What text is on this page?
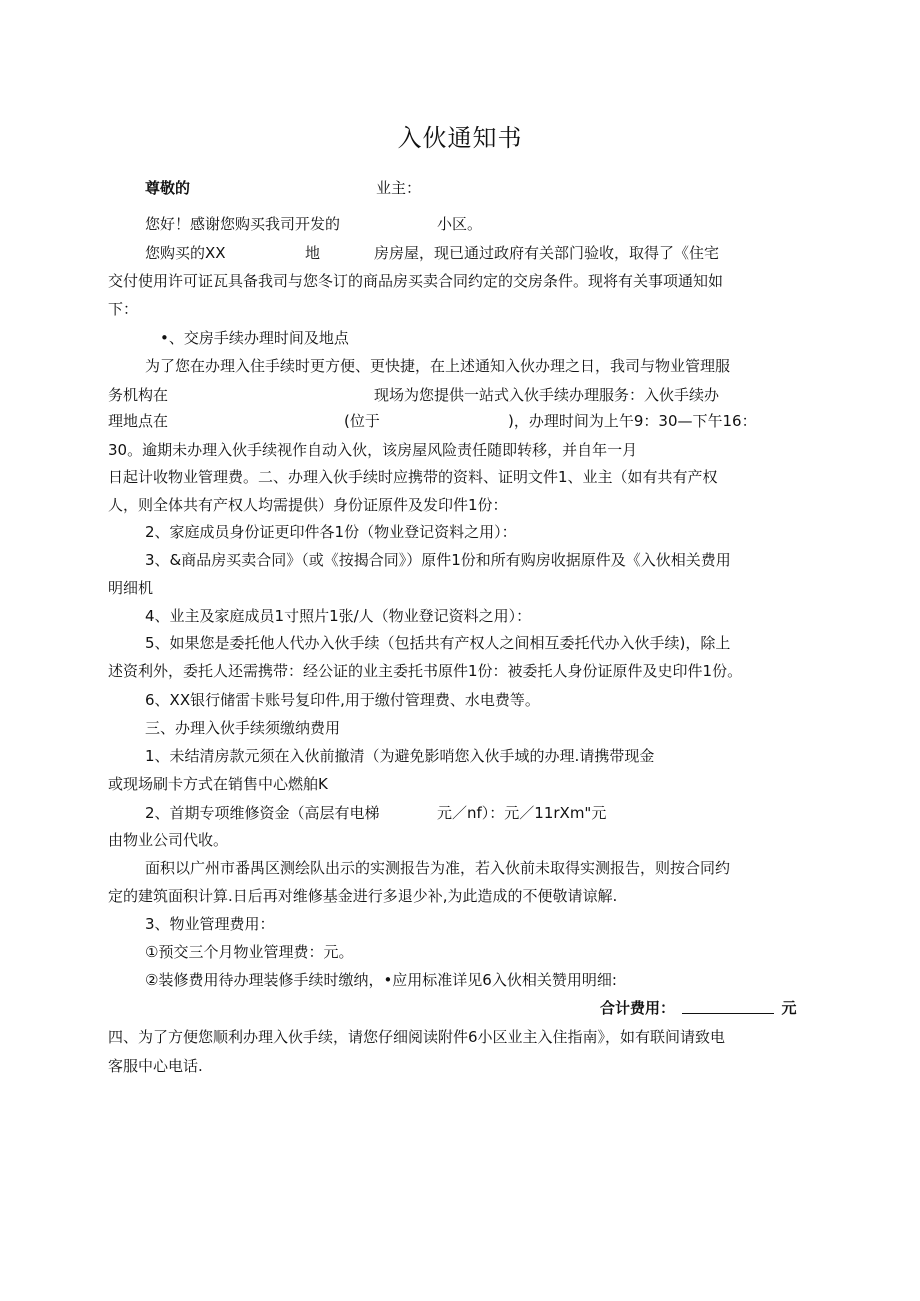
入伙通知书
尊敬的	业主：
您好！感谢您购买我司开发的	小区。
您购买的XX	地	房房屋，现已通过政府有关部门验收，取得了《住宅
交付使用许可证瓦具备我司与您冬订的商品房买卖合同约定的交房条件。现将有关事项通知如
下：
•、交房手续办理时间及地点
为了您在办理入住手续时更方便、更快捷，在上述通知入伙办理之日，我司与物业管理服
务机构在	现场为您提供一站式入伙手续办理服务：入伙手续办
理地点在	(位于	)，办理时间为上午9：30—下午16：
30。逾期未办理入伙手续视作自动入伙，该房屋风险责任随即转移，并自年一月
日起计收物业管理费。二、办理入伙手续时应携带的资料、证明文件1、业主（如有共有产权
人，则全体共有产权人均需提供）身份证原件及发印件1份：
2、家庭成员身份证更印件各1份（物业登记资料之用）：
3、&商品房买卖合同》（或《按揭合同》）原件1份和所有购房收据原件及《入伙相关费用
明细机
4、业主及家庭成员1寸照片1张/人（物业登记资料之用）：
5、如果您是委托他人代办入伙手续（包括共有产权人之间相互委托代办入伙手续)，除上
述资利外，委托人还需携带：经公证的业主委托书原件1份：被委托人身份证原件及史印件1份。
6、XX银行储雷卡账号复印件,用于缴付管理费、水电费等。
三、办理入伙手续须缴纳费用
1、未结清房款元须在入伙前撤清（为避免影哨您入伙手域的办理.请携带现金
或现场刷卡方式在销售中心燃舶K
2、首期专项维修资金（高层有电梯	元／nf）：元／11rXm"元
由物业公司代收。
面积以广州市番禺区测绘队出示的实测报告为准，若入伙前未取得实测报告，则按合同约
定的建筑面积计算.日后再对维修基金进行多退少补,为此造成的不便敬请谅解.
3、物业管理费用：
①预交三个月物业管理费：元。
②装修费用待办理装修手续时缴纳，•应用标准详见6入伙相关赞用明细:
合计费用：	元
四、为了方便您顺利办理入伙手续，请您仔细阅读附件6小区业主入住指南》，如有联间请致电
客服中心电话.
